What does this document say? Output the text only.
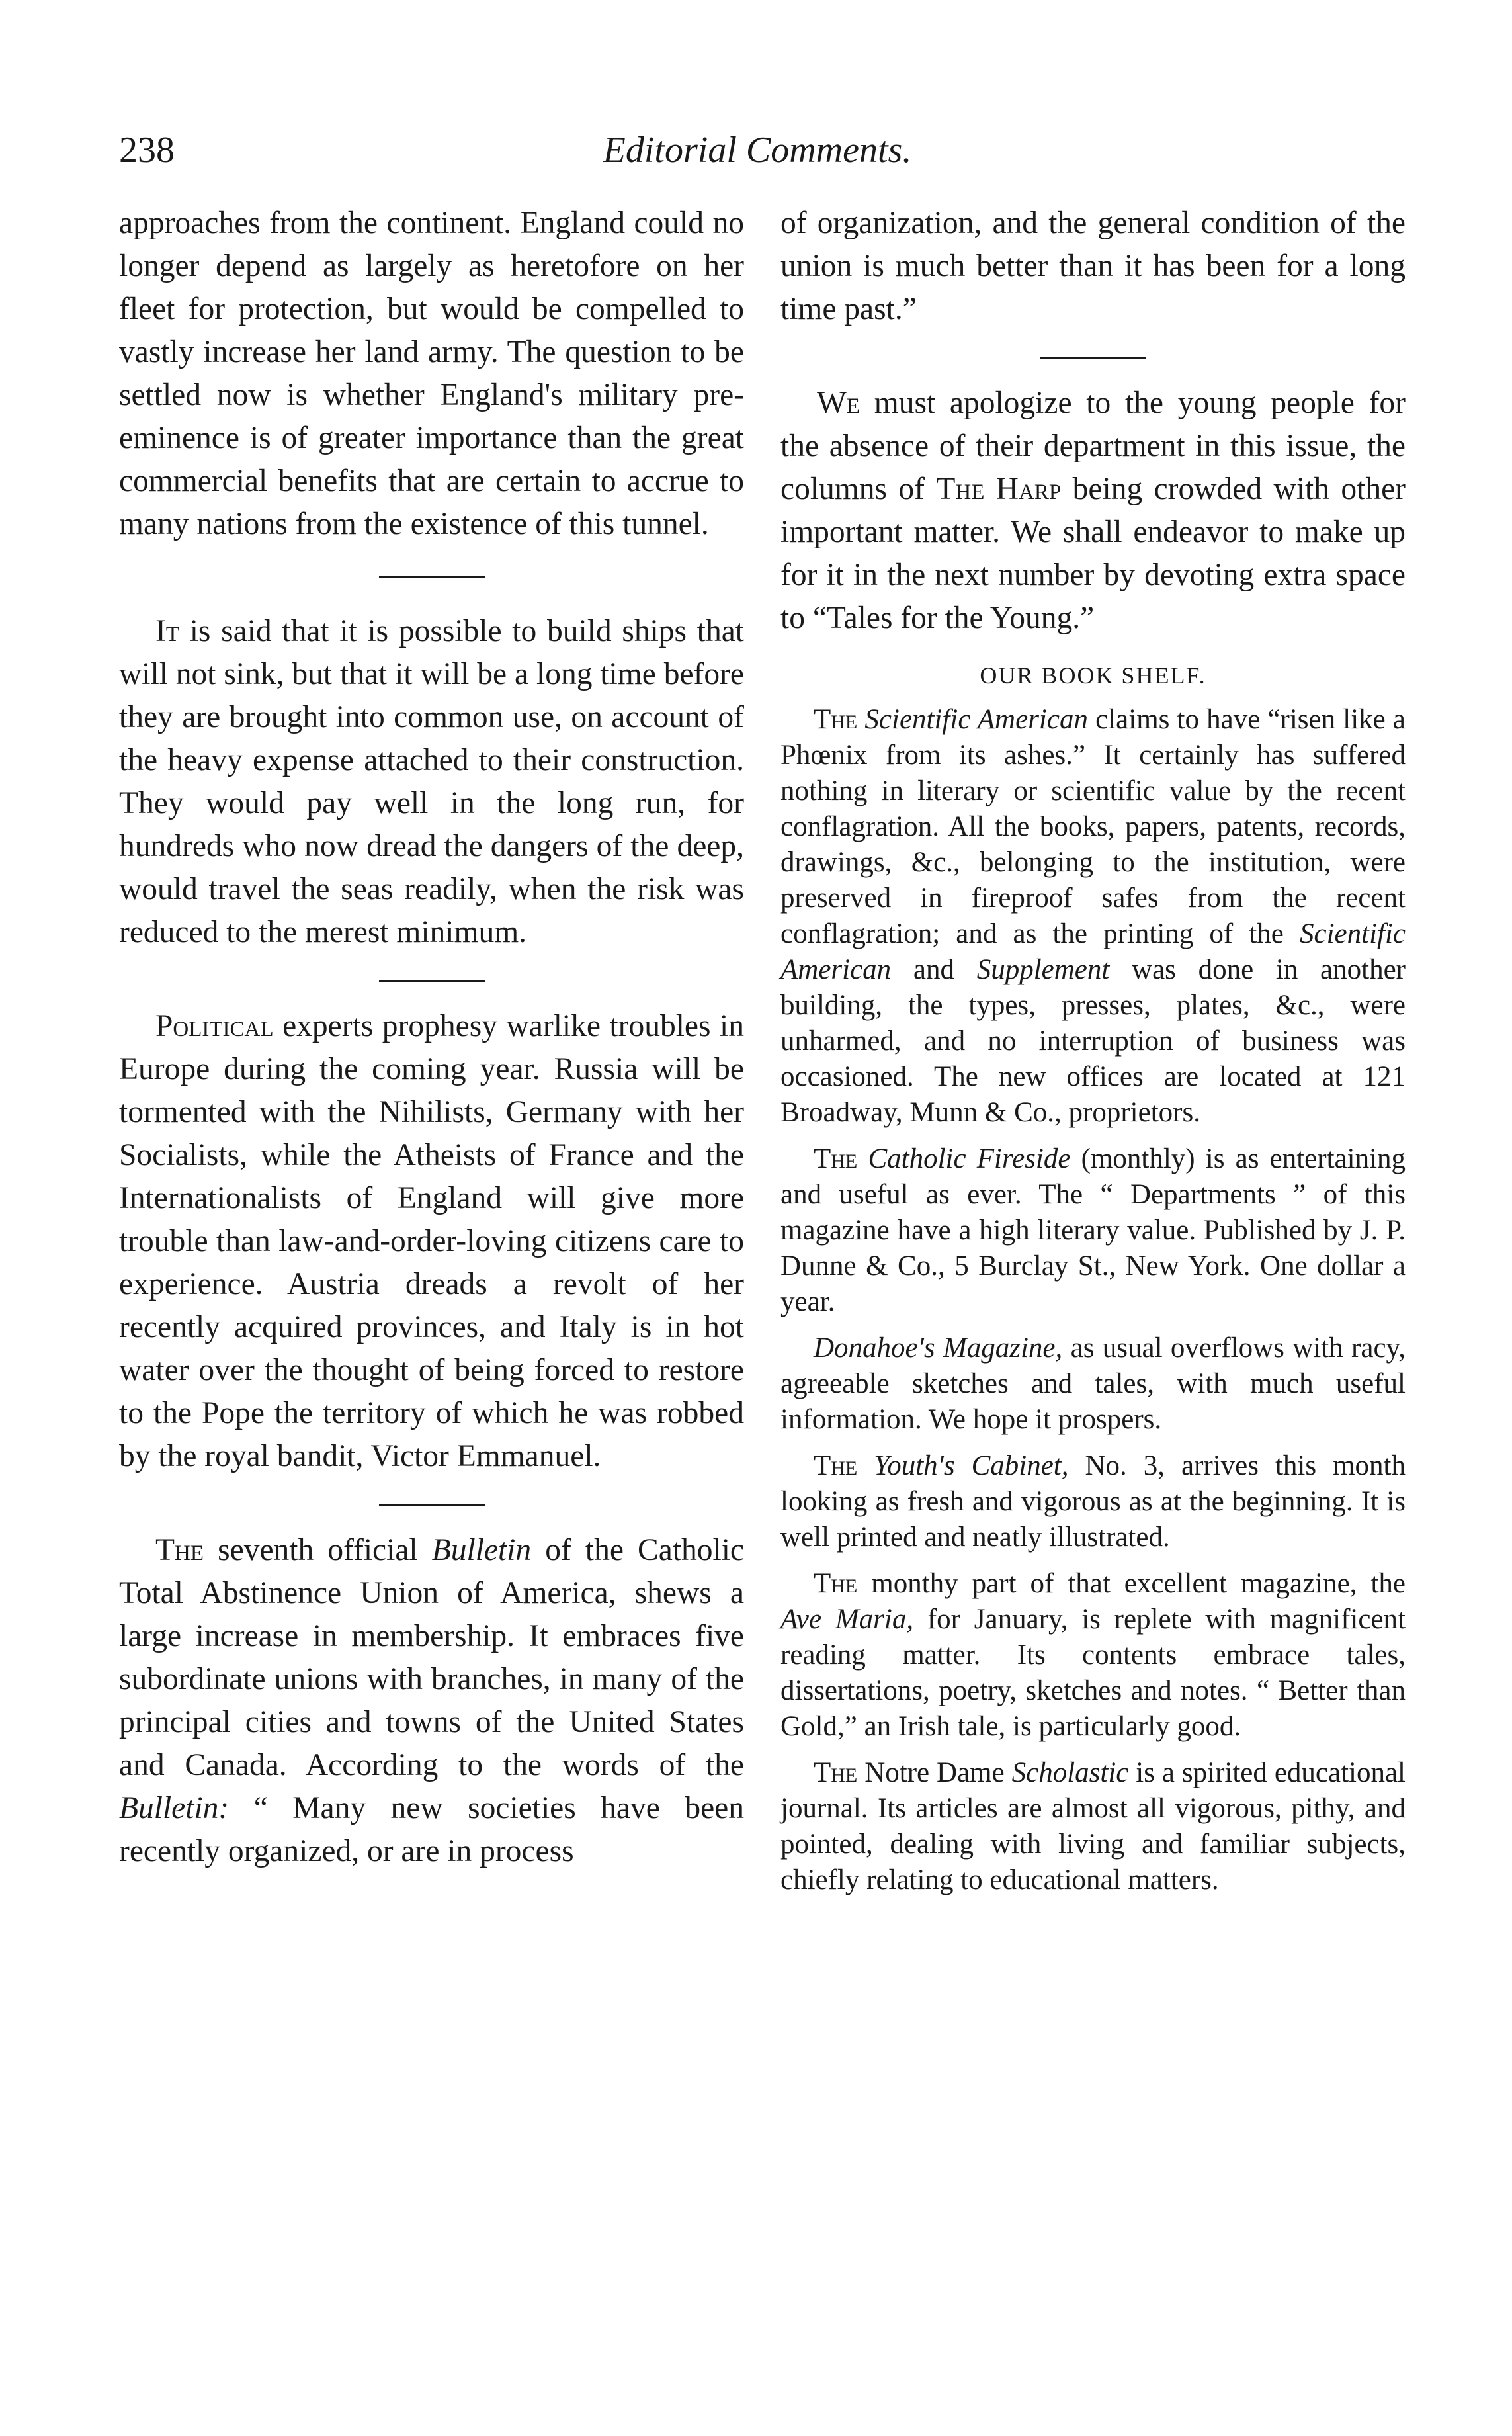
238	Editorial Comments.

approaches from the continent. England could no longer depend as largely as heretofore on her fleet for protection, but would be compelled to vastly increase her land army. The question to be settled now is whether England's military pre-eminence is of greater importance than the great commercial benefits that are certain to accrue to many nations from the existence of this tunnel.

It is said that it is possible to build ships that will not sink, but that it will be a long time before they are brought into common use, on account of the heavy expense attached to their construction. They would pay well in the long run, for hundreds who now dread the dangers of the deep, would travel the seas readily, when the risk was reduced to the merest minimum.

Political experts prophesy warlike troubles in Europe during the coming year. Russia will be tormented with the Nihilists, Germany with her Socialists, while the Atheists of France and the Internationalists of England will give more trouble than law-and-order-loving citizens care to experience. Austria dreads a revolt of her recently acquired provinces, and Italy is in hot water over the thought of being forced to restore to the Pope the territory of which he was robbed by the royal bandit, Victor Emmanuel.

The seventh official Bulletin of the Catholic Total Abstinence Union of America, shews a large increase in membership. It embraces five subordinate unions with branches, in many of the principal cities and towns of the United States and Canada. According to the words of the Bulletin: “ Many new societies have been recently organized, or are in process

of organization, and the general condition of the union is much better than it has been for a long time past.”

We must apologize to the young people for the absence of their department in this issue, the columns of The Harp being crowded with other important matter. We shall endeavor to make up for it in the next number by devoting extra space to “Tales for the Young.”

OUR BOOK SHELF.

The Scientific American claims to have “risen like a Phœnix from its ashes.” It certainly has suffered nothing in literary or scientific value by the recent conflagration. All the books, papers, patents, records, drawings, &c., belonging to the institution, were preserved in fireproof safes from the recent conflagration; and as the printing of the Scientific American and Supplement was done in another building, the types, presses, plates, &c., were unharmed, and no interruption of business was occasioned. The new offices are located at 121 Broadway, Munn & Co., proprietors.

The Catholic Fireside (monthly) is as entertaining and useful as ever. The “ Departments ” of this magazine have a high literary value. Published by J. P. Dunne & Co., 5 Burclay St., New York. One dollar a year.

Donahoe's Magazine, as usual overflows with racy, agreeable sketches and tales, with much useful information. We hope it prospers.

The Youth's Cabinet, No. 3, arrives this month looking as fresh and vigorous as at the beginning. It is well printed and neatly illustrated.

The monthy part of that excellent magazine, the Ave Maria, for January, is replete with magnificent reading matter. Its contents embrace tales, dissertations, poetry, sketches and notes. “ Better than Gold,” an Irish tale, is particularly good.

The Notre Dame Scholastic is a spirited educational journal. Its articles are almost all vigorous, pithy, and pointed, dealing with living and familiar subjects, chiefly relating to educational matters.
